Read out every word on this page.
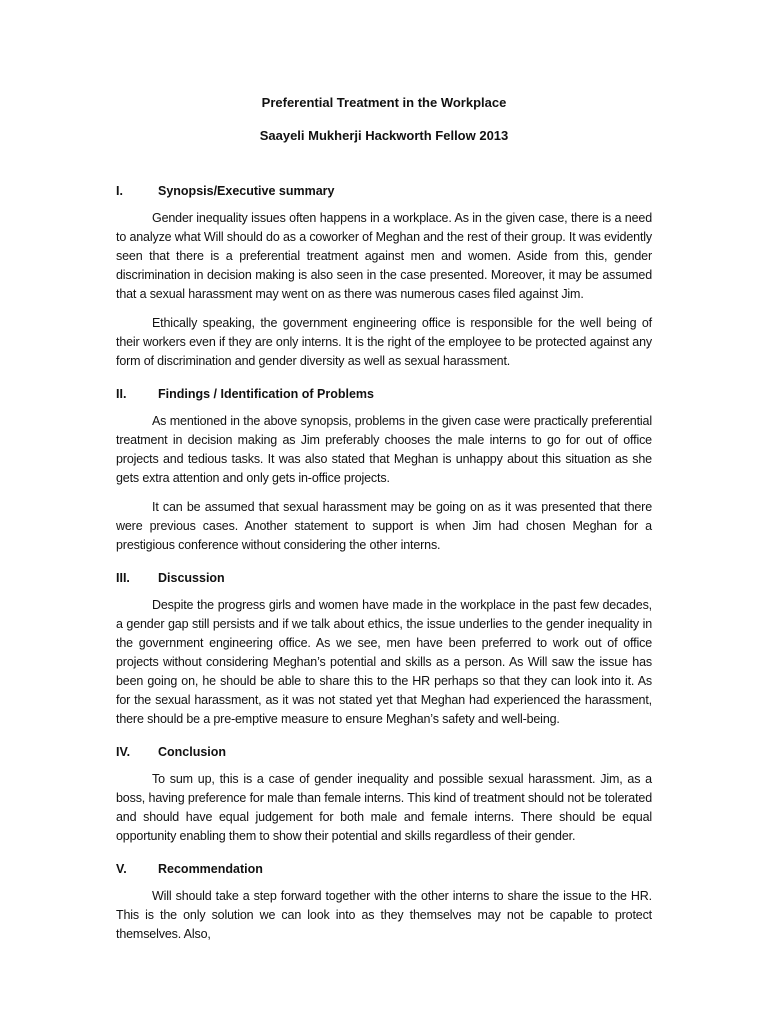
Preferential Treatment in the Workplace

Saayeli Mukherji Hackworth Fellow 2013

I.	Synopsis/Executive summary

Gender inequality issues often happens in a workplace. As in the given case, there is a need to analyze what Will should do as a coworker of Meghan and the rest of their group. It was evidently seen that there is a preferential treatment against men and women. Aside from this, gender discrimination in decision making is also seen in the case presented. Moreover, it may be assumed that a sexual harassment may went on as there was numerous cases filed against Jim.

Ethically speaking, the government engineering office is responsible for the well being of their workers even if they are only interns. It is the right of the employee to be protected against any form of discrimination and gender diversity as well as sexual harassment.

II.	Findings / Identification of Problems

As mentioned in the above synopsis, problems in the given case were practically preferential treatment in decision making as Jim preferably chooses the male interns to go for out of office projects and tedious tasks. It was also stated that Meghan is unhappy about this situation as she gets extra attention and only gets in-office projects.

It can be assumed that sexual harassment may be going on as it was presented that there were previous cases. Another statement to support is when Jim had chosen Meghan for a prestigious conference without considering the other interns.

III.	Discussion

Despite the progress girls and women have made in the workplace in the past few decades, a gender gap still persists and if we talk about ethics, the issue underlies to the gender inequality in the government engineering office. As we see, men have been preferred to work out of office projects without considering Meghan’s potential and skills as a person. As Will saw the issue has been going on, he should be able to share this to the HR perhaps so that they can look into it. As for the sexual harassment, as it was not stated yet that Meghan had experienced the harassment, there should be a pre-emptive measure to ensure Meghan’s safety and well-being.

IV.	Conclusion

To sum up, this is a case of gender inequality and possible sexual harassment. Jim, as a boss, having preference for male than female interns. This kind of treatment should not be tolerated and should have equal judgement for both male and female interns. There should be equal opportunity enabling them to show their potential and skills regardless of their gender.

V.	Recommendation

Will should take a step forward together with the other interns to share the issue to the HR. This is the only solution we can look into as they themselves may not be capable to protect themselves. Also,
